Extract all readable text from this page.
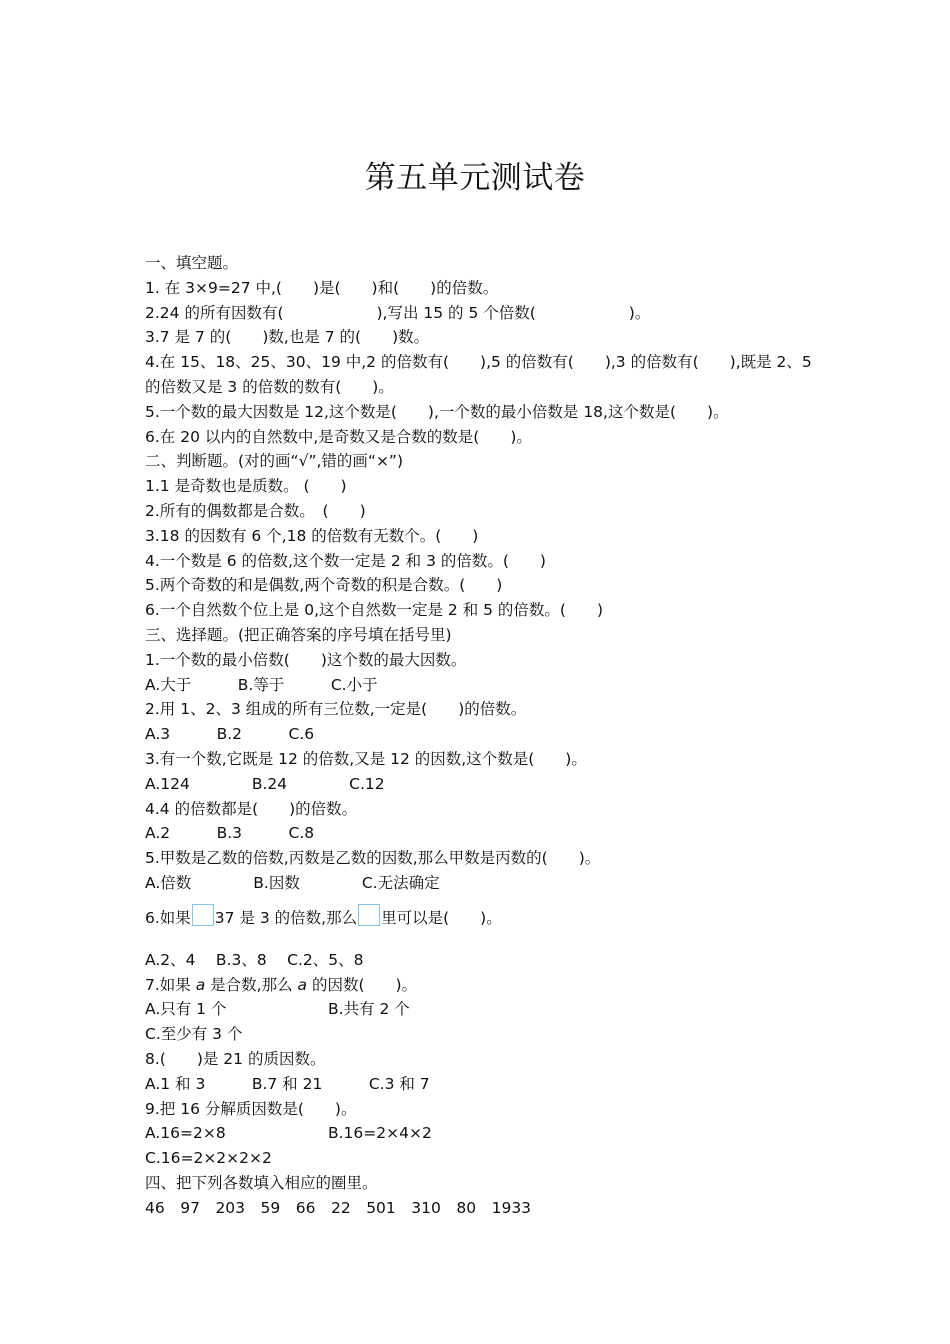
第五单元测试卷
一、填空题。
1. 在 3×9=27 中,(　　)是(　　)和(　　)的倍数。
2.24 的所有因数有(　　　　　　),写出 15 的 5 个倍数(　　　　　　)。
3.7 是 7 的(　　)数,也是 7 的(　　)数。
4.在 15、18、25、30、19 中,2 的倍数有(　　),5 的倍数有(　　),3 的倍数有(　　),既是 2、5
的倍数又是 3 的倍数的数有(　　)。
5.一个数的最大因数是 12,这个数是(　　),一个数的最小倍数是 18,这个数是(　　)。
6.在 20 以内的自然数中,是奇数又是合数的数是(　　)。
二、判断题。(对的画“√”,错的画“×”)
1.1 是奇数也是质数。 (　　)
2.所有的偶数都是合数。　(　　)
3.18 的因数有 6 个,18 的倍数有无数个。(　　)
4.一个数是 6 的倍数,这个数一定是 2 和 3 的倍数。(　　)
5.两个奇数的和是偶数,两个奇数的积是合数。(　　)
6.一个自然数个位上是 0,这个自然数一定是 2 和 5 的倍数。(　　)
三、选择题。(把正确答案的序号填在括号里)
1.一个数的最小倍数(　　)这个数的最大因数。
A.大于　　　B.等于　　　C.小于
2.用 1、2、3 组成的所有三位数,一定是(　　)的倍数。
A.3　　　B.2　　　C.6
3.有一个数,它既是 12 的倍数,又是 12 的因数,这个数是(　　)。
A.124　　　　B.24　　　　C.12
4.4 的倍数都是(　　)的倍数。
A.2　　　B.3　　　C.8
5.甲数是乙数的倍数,丙数是乙数的因数,那么甲数是丙数的(　　)。
A.倍数　　　　B.因数　　　　C.无法确定
6.如果 37 是 3 的倍数,那么 里可以是(　　)。
A.2、4　 B.3、8　 C.2、5、8
7.如果 a 是合数,那么 a 的因数(　　)。
A.只有 1 个	B.共有 2 个
C.至少有 3 个
8.(　　)是 21 的质因数。
A.1 和 3　　　B.7 和 21　　　C.3 和 7
9.把 16 分解质因数是(　　)。
A.16=2×8	B.16=2×4×2
C.16=2×2×2×2
四、把下列各数填入相应的圈里。
46　97　203　59　66　22　501　310　80　1933
